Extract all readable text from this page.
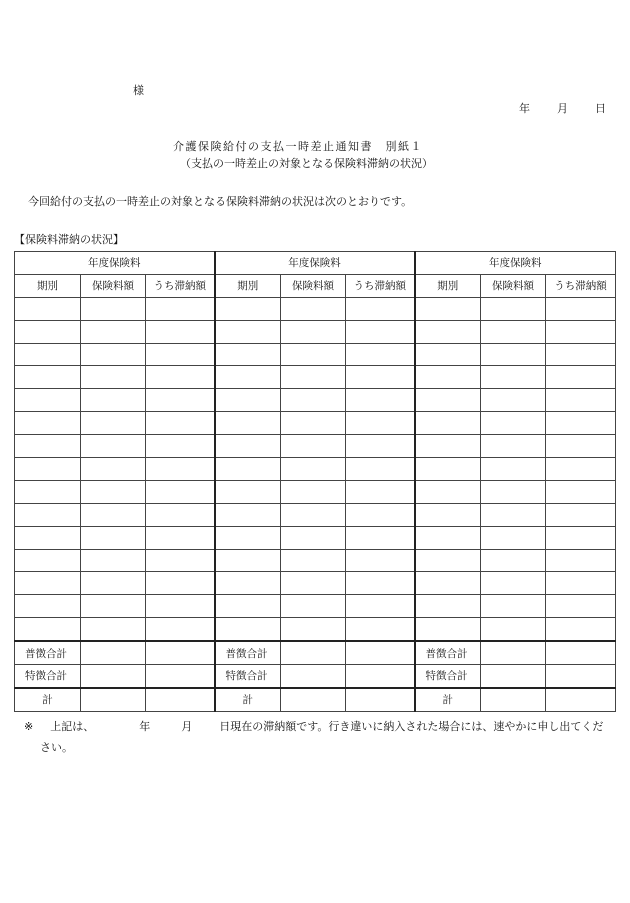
様
年 月 日
介護保険給付の支払一時差止通知書　別紙１
（支払の一時差止の対象となる保険料滞納の状況）
今回給付の支払の一時差止の対象となる保険料滞納の状況は次のとおりです。
【保険料滞納の状況】
年度保険料			年度保険料			年度保険料		
期別	保険料額	うち滞納額	期別	保険料額	うち滞納額	期別	保険料額	うち滞納額

普徴合計			普徴合計			普徴合計		
特徴合計			特徴合計			特徴合計		
計			計			計		
※ 上記は、	年	月 日現在の滞納額です。行き違いに納入された場合には、速やかに申し出てくだ
さい。
